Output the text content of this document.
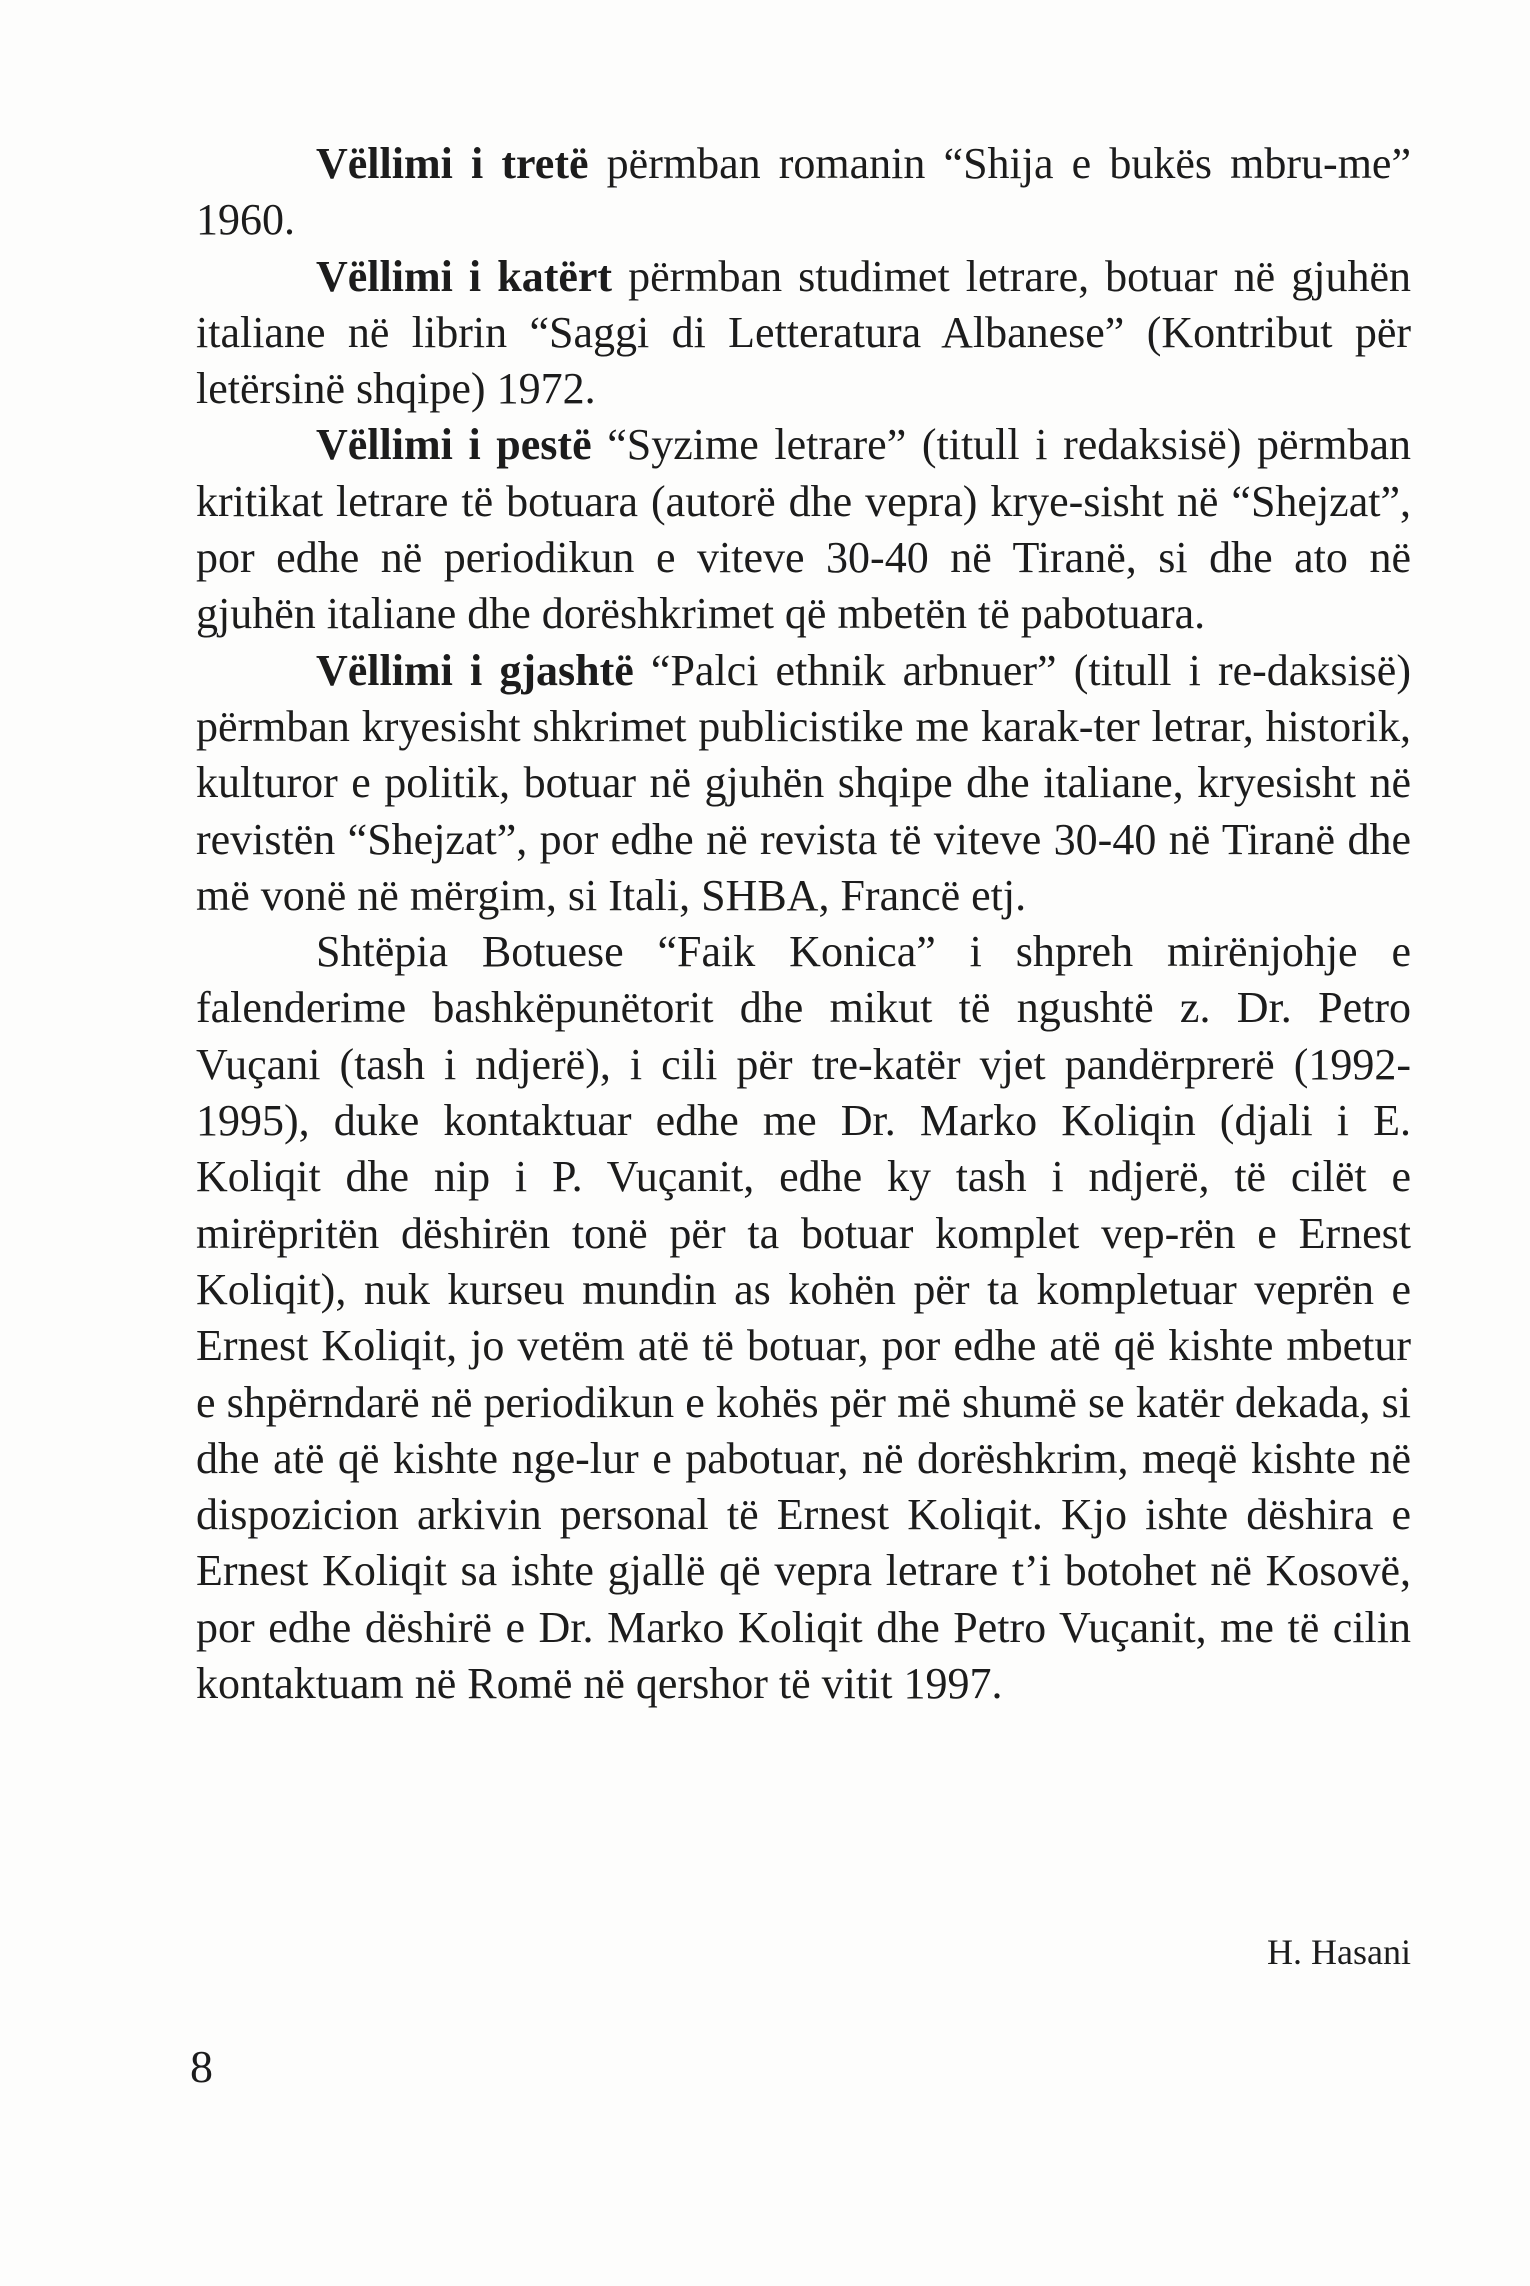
Vëllimi i tretë përmban romanin “Shija e bukës mbru-me” 1960.

Vëllimi i katërt përmban studimet letrare, botuar në gjuhën italiane në librin “Saggi di Letteratura Albanese” (Kontribut për letërsinë shqipe) 1972.

Vëllimi i pestë “Syzime letrare” (titull i redaksisë) përmban kritikat letrare të botuara (autorë dhe vepra) krye-sisht në “Shejzat”, por edhe në periodikun e viteve 30-40 në Tiranë, si dhe ato në gjuhën italiane dhe dorëshkrimet që mbetën të pabotuara.

Vëllimi i gjashtë “Palci ethnik arbnuer” (titull i re-daksisë) përmban kryesisht shkrimet publicistike me karak-ter letrar, historik, kulturor e politik, botuar në gjuhën shqipe dhe italiane, kryesisht në revistën “Shejzat”, por edhe në revista të viteve 30-40 në Tiranë dhe më vonë në mërgim, si Itali, SHBA, Francë etj.

Shtëpia Botuese “Faik Konica” i shpreh mirënjohje e falenderime bashkëpunëtorit dhe mikut të ngushtë z. Dr. Petro Vuçani (tash i ndjerë), i cili për tre-katër vjet pandërprerë (1992-1995), duke kontaktuar edhe me Dr. Marko Koliqin (djali i E. Koliqit dhe nip i P. Vuçanit, edhe ky tash i ndjerë, të cilët e mirëpritën dëshirën tonë për ta botuar komplet vep-rën e Ernest Koliqit), nuk kurseu mundin as kohën për ta kompletuar veprën e Ernest Koliqit, jo vetëm atë të botuar, por edhe atë që kishte mbetur e shpërndarë në periodikun e kohës për më shumë se katër dekada, si dhe atë që kishte nge-lur e pabotuar, në dorëshkrim, meqë kishte në dispozicion arkivin personal të Ernest Koliqit. Kjo ishte dëshira e Ernest Koliqit sa ishte gjallë që vepra letrare t’i botohet në Kosovë, por edhe dëshirë e Dr. Marko Koliqit dhe Petro Vuçanit, me të cilin kontaktuam në Romë në qershor të vitit 1997.

H. Hasani
8
